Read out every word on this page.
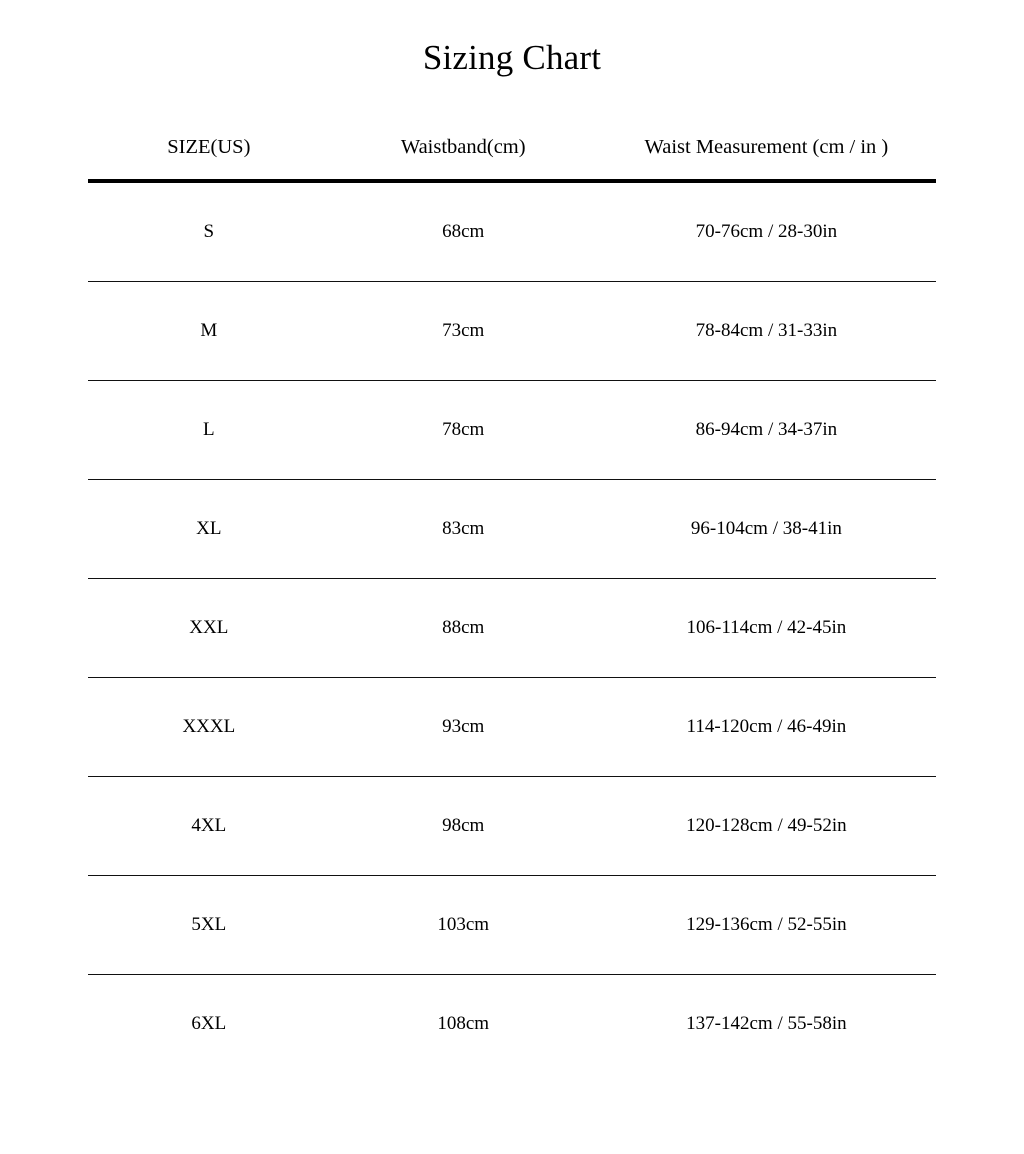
Sizing Chart
SIZE(US)	Waistband(cm)	Waist Measurement (cm / in )
S	68cm	70-76cm / 28-30in
M	73cm	78-84cm / 31-33in
L	78cm	86-94cm / 34-37in
XL	83cm	96-104cm / 38-41in
XXL	88cm	106-114cm / 42-45in
XXXL	93cm	114-120cm / 46-49in
4XL	98cm	120-128cm / 49-52in
5XL	103cm	129-136cm / 52-55in
6XL	108cm	137-142cm / 55-58in
